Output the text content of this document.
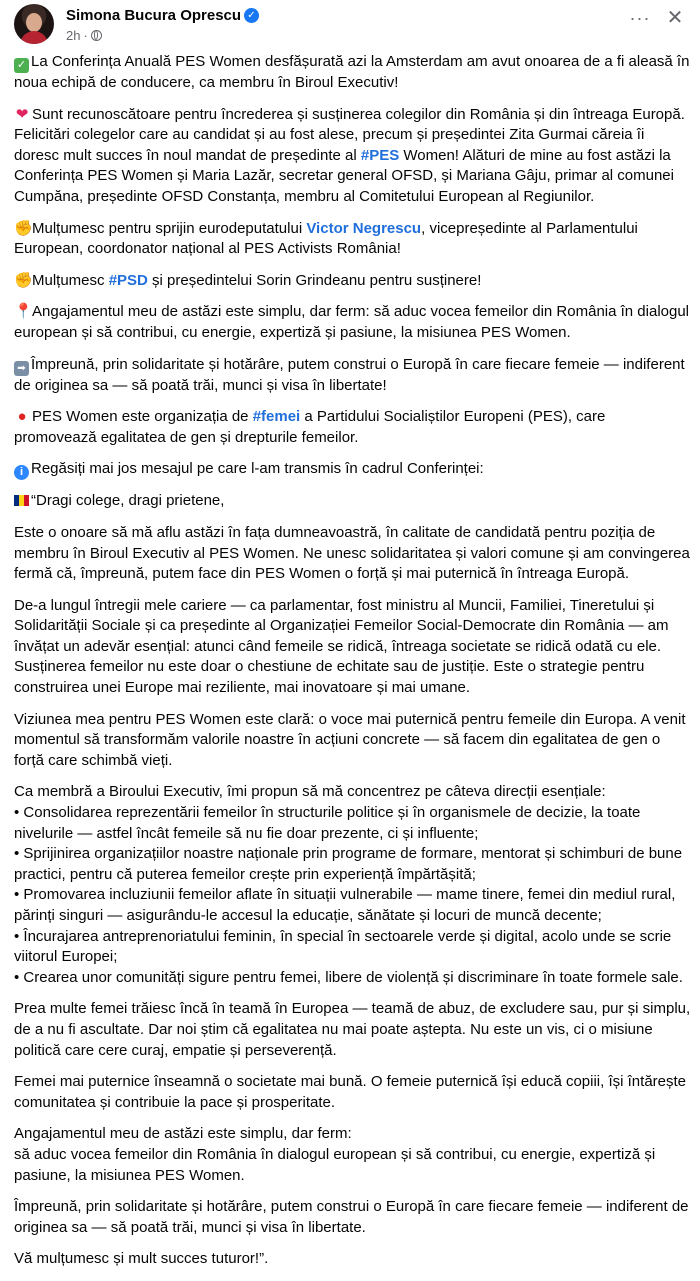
Simona Bucura Oprescu ✓
2h ·
··· ✕

✓ La Conferința Anuală PES Women desfășurată azi la Amsterdam am avut onoarea de a fi aleasă în noua echipă de conducere, ca membru în Biroul Executiv!

❤ Sunt recunoscătoare pentru încrederea și susținerea colegilor din România și din întreaga Europă. Felicitări colegelor care au candidat și au fost alese, precum și președintei Zita Gurmai căreia îi doresc mult succes în noul mandat de președinte al #PES Women! Alături de mine au fost astăzi la Conferința PES Women și Maria Lazăr, secretar general OFSD, și Mariana Gâju, primar al comunei Cumpăna, președinte OFSD Constanța, membru al Comitetului European al Regiunilor.

✊Mulțumesc pentru sprijin eurodeputatului Victor Negrescu, vicepreședinte al Parlamentului European, coordonator național al PES Activists România!

✊Mulțumesc #PSD și președintelui Sorin Grindeanu pentru susținere!

📍Angajamentul meu de astăzi este simplu, dar ferm: să aduc vocea femeilor din România în dialogul european și să contribui, cu energie, expertiză și pasiune, la misiunea PES Women.

➡ Împreună, prin solidaritate și hotărâre, putem construi o Europă în care fiecare femeie — indiferent de originea sa — să poată trăi, munci și visa în libertate!

● PES Women este organizația de #femei a Partidului Socialiștilor Europeni (PES), care promovează egalitatea de gen și drepturile femeilor.

i Regăsiți mai jos mesajul pe care l-am transmis în cadrul Conferinței:

“Dragi colege, dragi prietene,

Este o onoare să mă aflu astăzi în fața dumneavoastră, în calitate de candidată pentru poziția de membru în Biroul Executiv al PES Women. Ne unesc solidaritatea și valori comune și am convingerea fermă că, împreună, putem face din PES Women o forță și mai puternică în întreaga Europă.

De-a lungul întregii mele cariere — ca parlamentar, fost ministru al Muncii, Familiei, Tineretului și Solidarității Sociale și ca președinte al Organizației Femeilor Social-Democrate din România — am învățat un adevăr esențial: atunci când femeile se ridică, întreaga societate se ridică odată cu ele. Susținerea femeilor nu este doar o chestiune de echitate sau de justiție. Este o strategie pentru construirea unei Europe mai reziliente, mai inovatoare și mai umane.

Viziunea mea pentru PES Women este clară: o voce mai puternică pentru femeile din Europa. A venit momentul să transformăm valorile noastre în acțiuni concrete — să facem din egalitatea de gen o forță care schimbă vieți.

Ca membră a Biroului Executiv, îmi propun să mă concentrez pe câteva direcții esențiale:
• Consolidarea reprezentării femeilor în structurile politice și în organismele de decizie, la toate nivelurile — astfel încât femeile să nu fie doar prezente, ci și influente;
• Sprijinirea organizațiilor noastre naționale prin programe de formare, mentorat și schimburi de bune practici, pentru că puterea femeilor crește prin experiență împărtășită;
• Promovarea incluziunii femeilor aflate în situații vulnerabile — mame tinere, femei din mediul rural, părinți singuri — asigurându-le accesul la educație, sănătate și locuri de muncă decente;
• Încurajarea antreprenoriatului feminin, în special în sectoarele verde și digital, acolo unde se scrie viitorul Europei;
• Crearea unor comunități sigure pentru femei, libere de violență și discriminare în toate formele sale.

Prea multe femei trăiesc încă în teamă în Europea — teamă de abuz, de excludere sau, pur și simplu, de a nu fi ascultate. Dar noi știm că egalitatea nu mai poate aștepta. Nu este un vis, ci o misiune politică care cere curaj, empatie și perseverență.

Femei mai puternice înseamnă o societate mai bună. O femeie puternică își educă copiii, își întărește comunitatea și contribuie la pace și prosperitate.

Angajamentul meu de astăzi este simplu, dar ferm:
să aduc vocea femeilor din România în dialogul european și să contribui, cu energie, expertiză și pasiune, la misiunea PES Women.

Împreună, prin solidaritate și hotărâre, putem construi o Europă în care fiecare femeie — indiferent de originea sa — să poată trăi, munci și visa în libertate.

Vă mulțumesc și mult succes tuturor!”.
